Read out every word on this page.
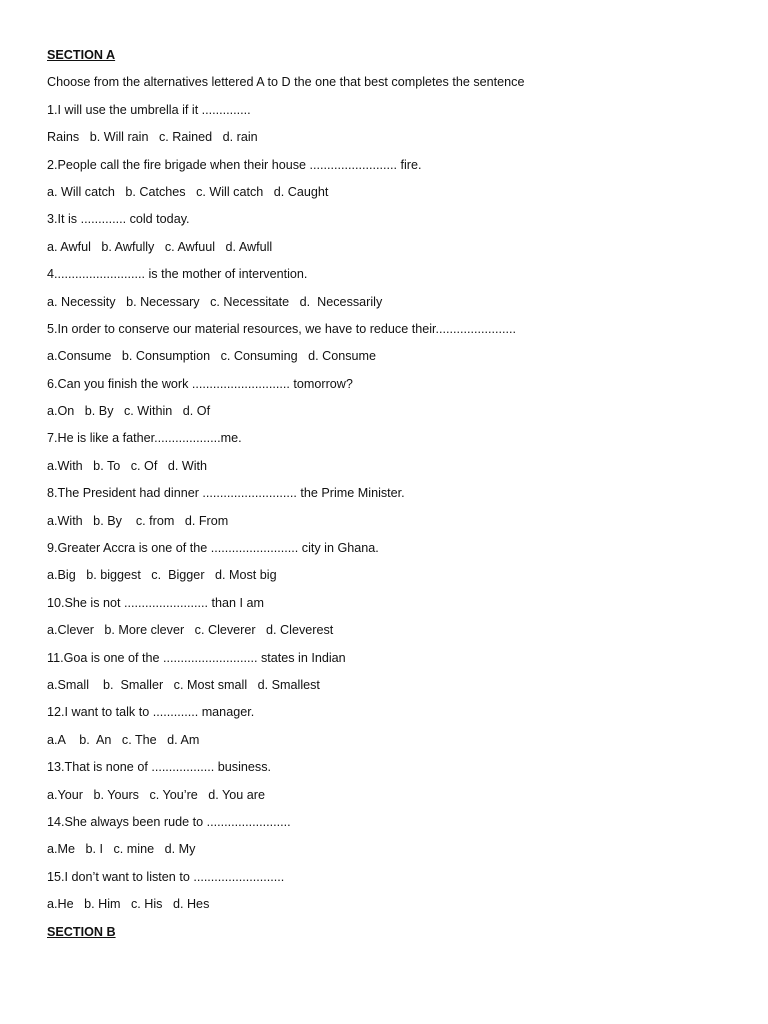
SECTION A
Choose from the alternatives lettered A to D the one that best completes the sentence
1.I will use the umbrella if it ..............
Rains   b. Will rain   c. Rained   d. rain
2.People call the fire brigade when their house ......................... fire.
a. Will catch   b. Catches   c. Will catch   d. Caught
3.It is ............. cold today.
a. Awful   b. Awfully   c. Awfuul   d. Awfull
4.......................... is the mother of intervention.
a. Necessity   b. Necessary   c. Necessitate   d.  Necessarily
5.In order to conserve our material resources, we have to reduce their.......................
a.Consume   b. Consumption   c. Consuming   d. Consume
6.Can you finish the work ............................ tomorrow?
a.On   b. By   c. Within   d. Of
7.He is like a father...................me.
a.With   b. To   c. Of   d. With
8.The President had dinner ........................... the Prime Minister.
a.With   b. By    c. from   d. From
9.Greater Accra is one of the ......................... city in Ghana.
a.Big   b. biggest   c.  Bigger   d. Most big
10.She is not ........................ than I am
a.Clever   b. More clever   c. Cleverer   d. Cleverest
11.Goa is one of the ........................... states in Indian
a.Small    b.  Smaller   c. Most small   d. Smallest
12.I want to talk to ............. manager.
a.A    b.  An   c. The   d. Am
13.That is none of .................. business.
a.Your   b. Yours   c. You’re   d. You are
14.She always been rude to ........................
a.Me   b. I   c. mine   d. My
15.I don’t want to listen to ..........................
a.He   b. Him   c. His   d. Hes
SECTION B
